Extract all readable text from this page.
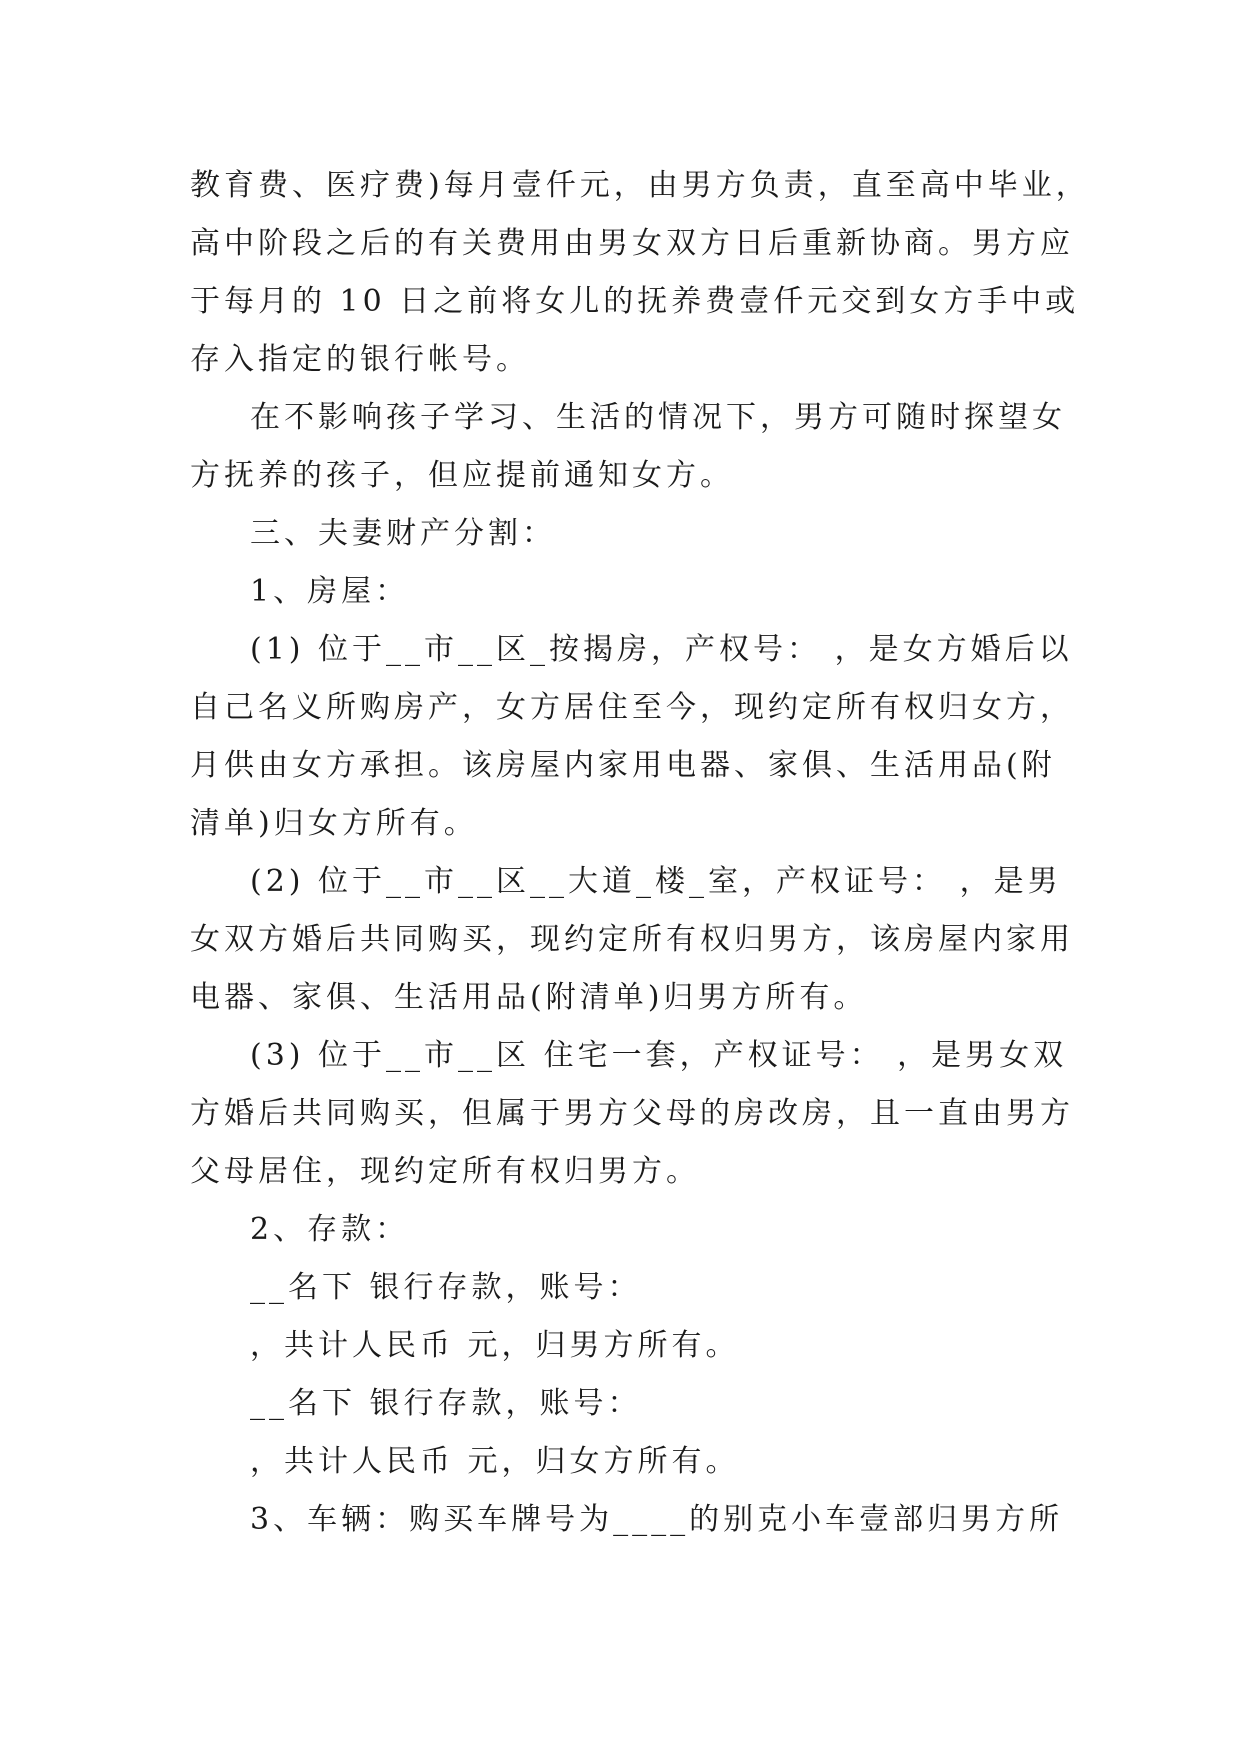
教育费、医疗费)每月壹仟元，由男方负责，直至高中毕业，
高中阶段之后的有关费用由男女双方日后重新协商。男方应
于每月的 10 日之前将女儿的抚养费壹仟元交到女方手中或
存入指定的银行帐号。
在不影响孩子学习、生活的情况下，男方可随时探望女
方抚养的孩子，但应提前通知女方。
三、夫妻财产分割：
1、房屋：
(1) 位于__市__区_按揭房，产权号： ，是女方婚后以
自己名义所购房产，女方居住至今，现约定所有权归女方，
月供由女方承担。该房屋内家用电器、家俱、生活用品(附
清单)归女方所有。
(2) 位于__市__区__大道_楼_室，产权证号： ，是男
女双方婚后共同购买，现约定所有权归男方，该房屋内家用
电器、家俱、生活用品(附清单)归男方所有。
(3) 位于__市__区 住宅一套，产权证号： ，是男女双
方婚后共同购买，但属于男方父母的房改房，且一直由男方
父母居住，现约定所有权归男方。
2、存款：
__名下 银行存款，账号：
，共计人民币 元，归男方所有。
__名下 银行存款，账号：
，共计人民币 元，归女方所有。
3、车辆：购买车牌号为____的别克小车壹部归男方所
